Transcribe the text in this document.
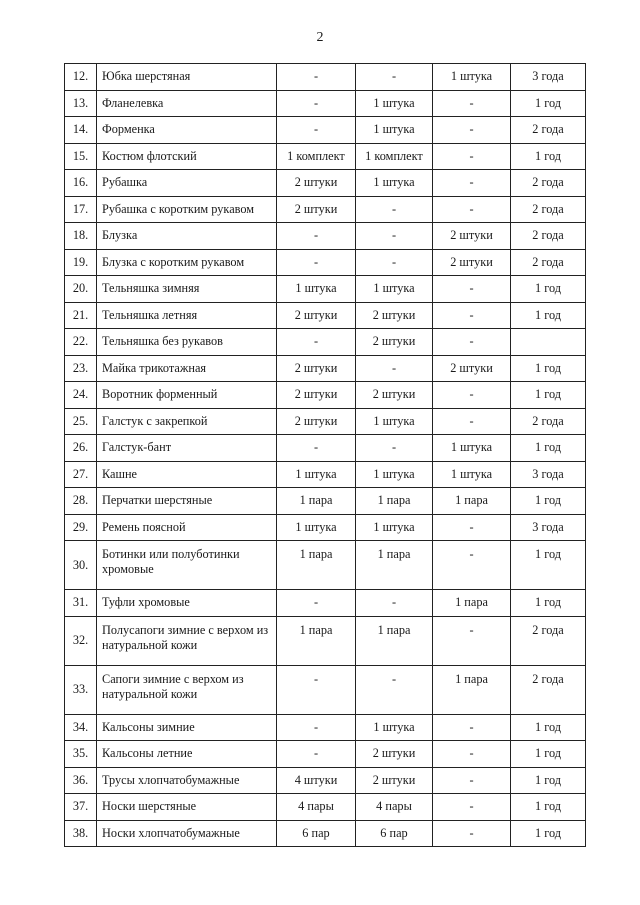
2
12.	Юбка шерстяная	-	-	1 штука	3 года
13.	Фланелевка	-	1 штука	-	1 год
14.	Форменка	-	1 штука	-	2 года
15.	Костюм флотский	1 комплект	1 комплект	-	1 год
16.	Рубашка	2 штуки	1 штука	-	2 года
17.	Рубашка с коротким рукавом	2 штуки	-	-	2 года
18.	Блузка	-	-	2 штуки	2 года
19.	Блузка с коротким рукавом	-	-	2 штуки	2 года
20.	Тельняшка зимняя	1 штука	1 штука	-	1 год
21.	Тельняшка летняя	2 штуки	2 штуки	-	1 год
22.	Тельняшка без рукавов	-	2 штуки	-	
23.	Майка трикотажная	2 штуки	-	2 штуки	1 год
24.	Воротник форменный	2 штуки	2 штуки	-	1 год
25.	Галстук с закрепкой	2 штуки	1 штука	-	2 года
26.	Галстук-бант	-	-	1 штука	1 год
27.	Кашне	1 штука	1 штука	1 штука	3 года
28.	Перчатки шерстяные	1 пара	1 пара	1 пара	1 год
29.	Ремень поясной	1 штука	1 штука	-	3 года
30.	Ботинки или полуботинки хромовые	1 пара	1 пара	-	1 год
31.	Туфли хромовые	-	-	1 пара	1 год
32.	Полусапоги зимние с верхом из натуральной кожи	1 пара	1 пара	-	2 года
33.	Сапоги зимние с верхом из натуральной кожи	-	-	1 пара	2 года
34.	Кальсоны зимние	-	1 штука	-	1 год
35.	Кальсоны летние	-	2 штуки	-	1 год
36.	Трусы хлопчатобумажные	4 штуки	2 штуки	-	1 год
37.	Носки шерстяные	4 пары	4 пары	-	1 год
38.	Носки хлопчатобумажные	6 пар	6 пар	-	1 год
